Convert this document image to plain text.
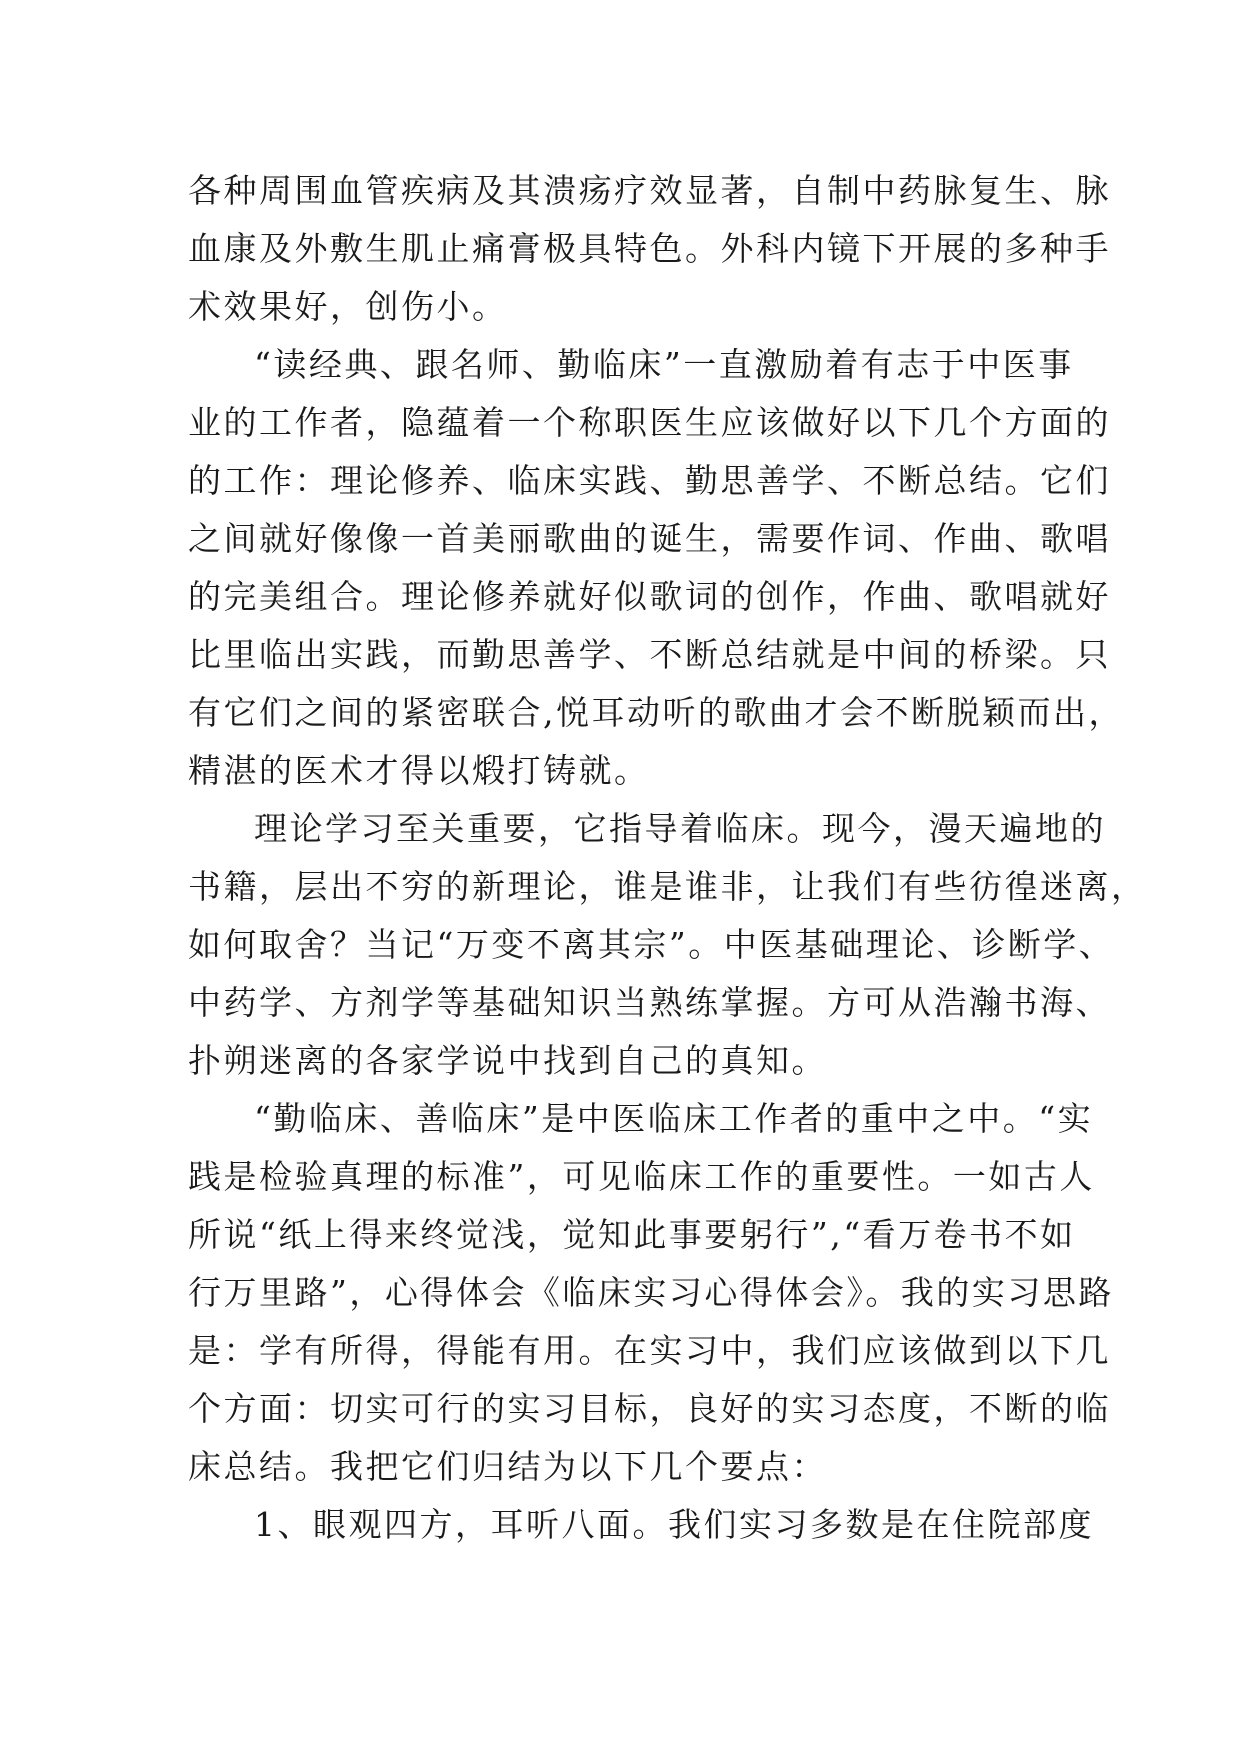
各种周围血管疾病及其溃疡疗效显著，自制中药脉复生、脉
血康及外敷生肌止痛膏极具特色。外科内镜下开展的多种手
术效果好，创伤小。
“读经典、跟名师、勤临床”一直激励着有志于中医事
业的工作者，隐蕴着一个称职医生应该做好以下几个方面的
的工作：理论修养、临床实践、勤思善学、不断总结。它们
之间就好像像一首美丽歌曲的诞生，需要作词、作曲、歌唱
的完美组合。理论修养就好似歌词的创作，作曲、歌唱就好
比里临出实践，而勤思善学、不断总结就是中间的桥梁。只
有它们之间的紧密联合,悦耳动听的歌曲才会不断脱颖而出，
精湛的医术才得以煅打铸就。
理论学习至关重要，它指导着临床。现今，漫天遍地的
书籍，层出不穷的新理论，谁是谁非，让我们有些彷徨迷离，
如何取舍？当记“万变不离其宗”。中医基础理论、诊断学、
中药学、方剂学等基础知识当熟练掌握。方可从浩瀚书海、
扑朔迷离的各家学说中找到自己的真知。
“勤临床、善临床”是中医临床工作者的重中之中。“实
践是检验真理的标准”，可见临床工作的重要性。一如古人
所说“纸上得来终觉浅，觉知此事要躬行”,“看万卷书不如
行万里路”，心得体会《临床实习心得体会》。我的实习思路
是：学有所得，得能有用。在实习中，我们应该做到以下几
个方面：切实可行的实习目标，良好的实习态度，不断的临
床总结。我把它们归结为以下几个要点：
1、眼观四方，耳听八面。我们实习多数是在住院部度
